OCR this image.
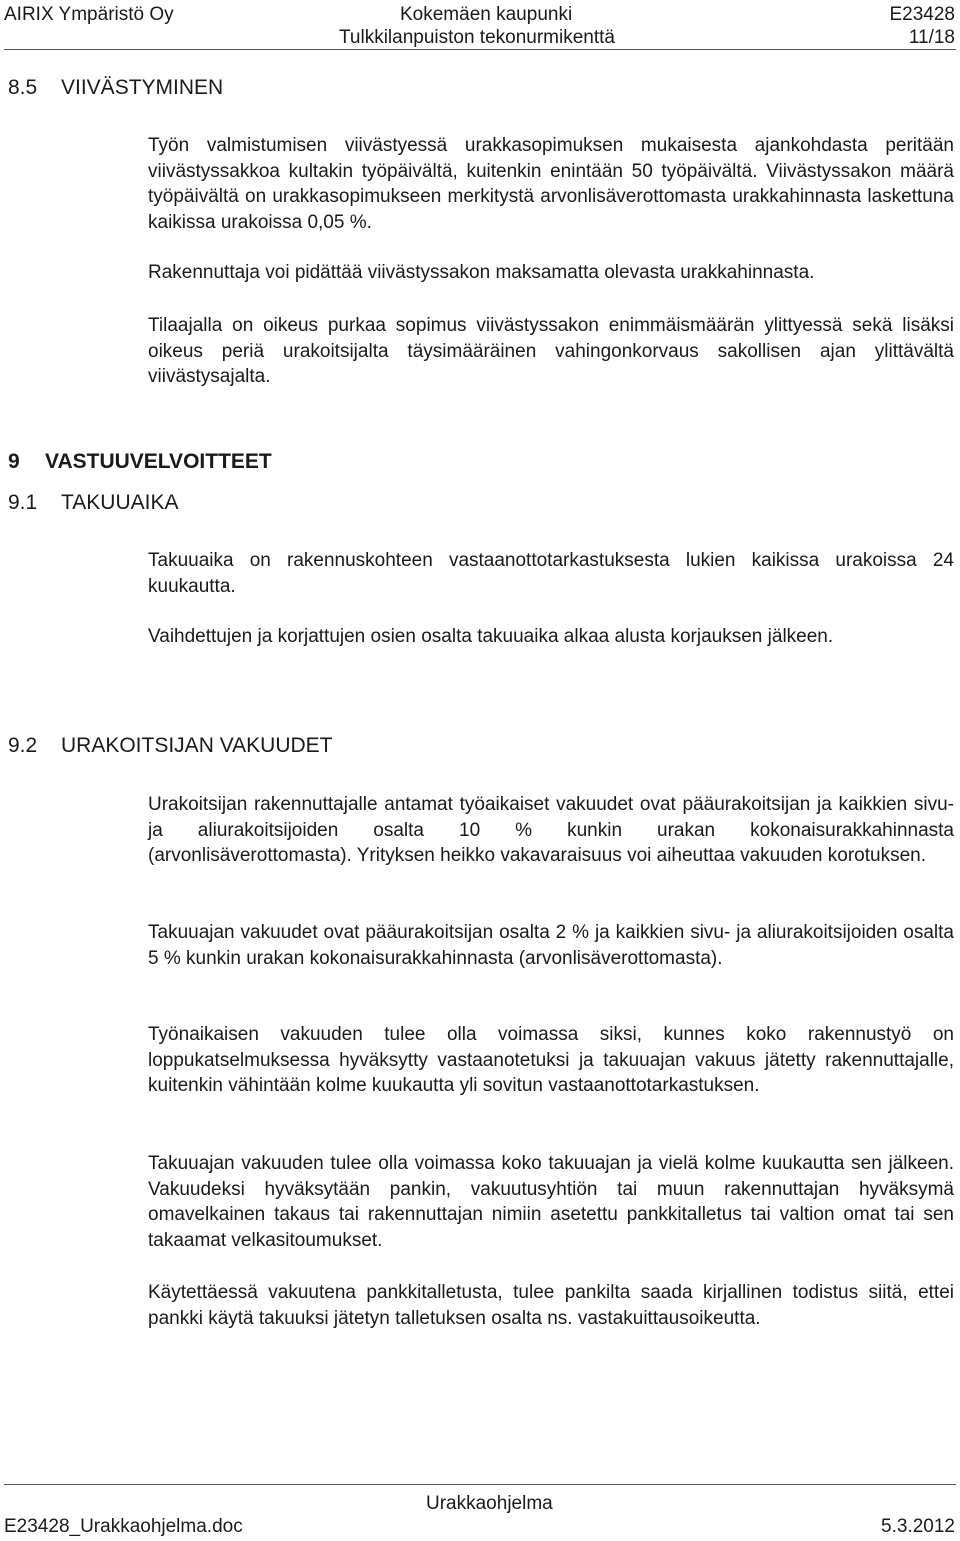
AIRIX Ympäristö Oy	Kokemäen kaupunki
Tulkkilanpuiston tekonurmikenttä
E23428
11/18
8.5 VIIVÄSTYMINEN

Työn valmistumisen viivästyessä urakkasopimuksen mukaisesta ajankohdasta peritään viivästyssakkoa kultakin työpäivältä, kuitenkin enintään 50 työpäivältä. Viivästyssakon määrä työpäivältä on urakkasopimukseen merkitystä arvonlisäverottomasta urakkahinnasta laskettuna kaikissa urakoissa 0,05 %.

Rakennuttaja voi pidättää viivästyssakon maksamatta olevasta urakkahinnasta.

Tilaajalla on oikeus purkaa sopimus viivästyssakon enimmäismäärän ylittyessä sekä lisäksi oikeus periä urakoitsijalta täysimääräinen vahingonkorvaus sakollisen ajan ylittävältä viivästysajalta.

9 VASTUUVELVOITTEET
9.1 TAKUUAIKA

Takuuaika on rakennuskohteen vastaanottotarkastuksesta lukien kaikissa urakoissa 24 kuukautta.

Vaihdettujen ja korjattujen osien osalta takuuaika alkaa alusta korjauksen jälkeen.

9.2 URAKOITSIJAN VAKUUDET

Urakoitsijan rakennuttajalle antamat työaikaiset vakuudet ovat pääurakoitsijan ja kaikkien sivu- ja aliurakoitsijoiden osalta 10 % kunkin urakan kokonaisurakkahinnasta (arvonlisäverottomasta). Yrityksen heikko vakavaraisuus voi aiheuttaa vakuuden korotuksen.

Takuuajan vakuudet ovat pääurakoitsijan osalta 2 % ja kaikkien sivu- ja aliurakoitsijoiden osalta 5 % kunkin urakan kokonaisurakkahinnasta (arvonlisäverottomasta).

Työnaikaisen vakuuden tulee olla voimassa siksi, kunnes koko rakennustyö on loppukatselmuksessa hyväksytty vastaanotetuksi ja takuuajan vakuus jätetty rakennuttajalle, kuitenkin vähintään kolme kuukautta yli sovitun vastaanottotarkastuksen.

Takuuajan vakuuden tulee olla voimassa koko takuuajan ja vielä kolme kuukautta sen jälkeen. Vakuudeksi hyväksytään pankin, vakuutusyhtiön tai muun rakennuttajan hyväksymä omavelkainen takaus tai rakennuttajan nimiin asetettu pankkitalletus tai valtion omat tai sen takaamat velkasitoumukset.

Käytettäessä vakuutena pankkitalletusta, tulee pankilta saada kirjallinen todistus siitä, ettei pankki käytä takuuksi jätetyn talletuksen osalta ns. vastakuittausoikeutta.

Urakkaohjelma
E23428_Urakkaohjelma.doc	5.3.2012
